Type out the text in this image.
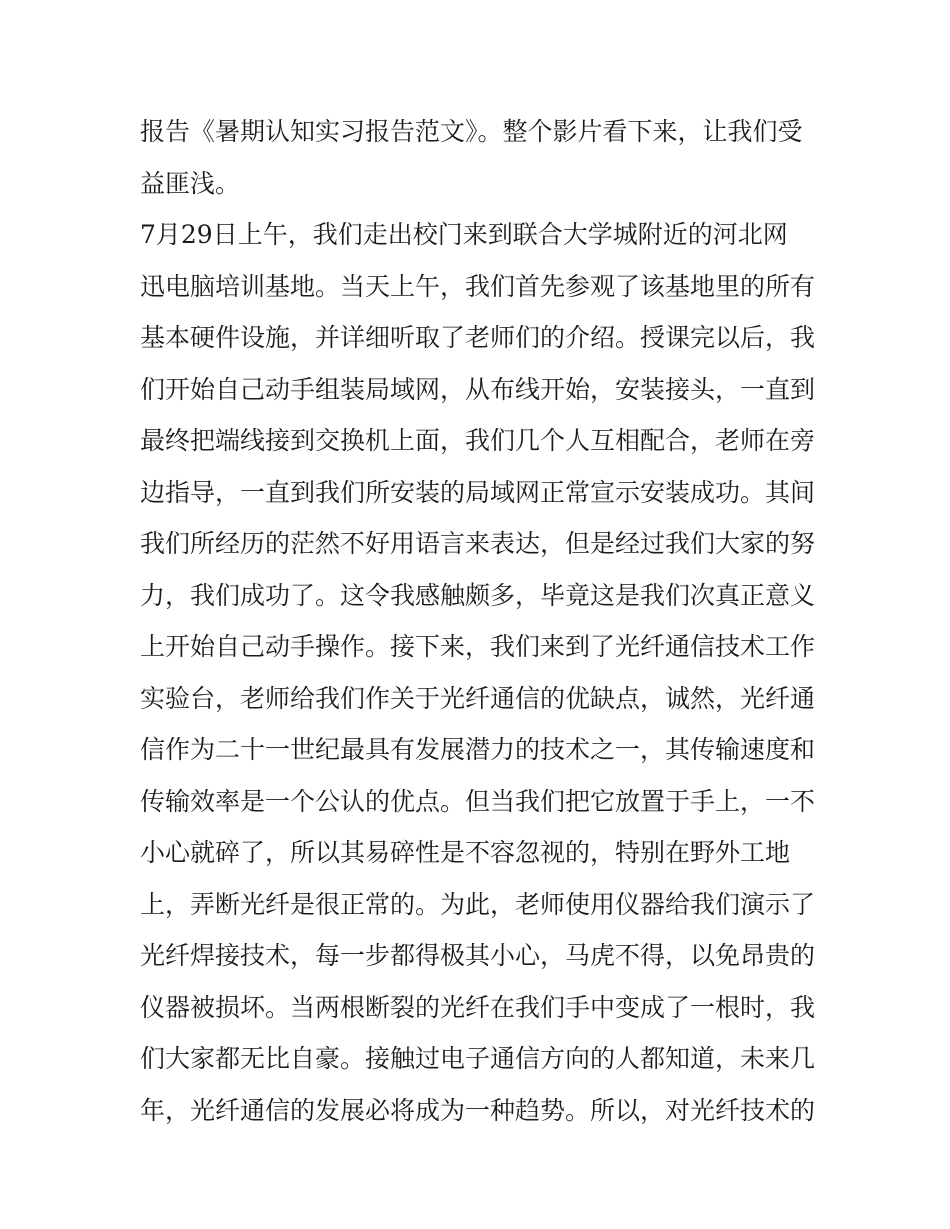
报告《暑期认知实习报告范文》。整个影片看下来，让我们受
益匪浅。
7月29日上午，我们走出校门来到联合大学城附近的河北网
迅电脑培训基地。当天上午，我们首先参观了该基地里的所有
基本硬件设施，并详细听取了老师们的介绍。授课完以后，我
们开始自己动手组装局域网，从布线开始，安装接头，一直到
最终把端线接到交换机上面，我们几个人互相配合，老师在旁
边指导，一直到我们所安装的局域网正常宣示安装成功。其间
我们所经历的茫然不好用语言来表达，但是经过我们大家的努
力，我们成功了。这令我感触颇多，毕竟这是我们次真正意义
上开始自己动手操作。接下来，我们来到了光纤通信技术工作
实验台，老师给我们作关于光纤通信的优缺点，诚然，光纤通
信作为二十一世纪最具有发展潜力的技术之一，其传输速度和
传输效率是一个公认的优点。但当我们把它放置于手上，一不
小心就碎了，所以其易碎性是不容忽视的，特别在野外工地
上，弄断光纤是很正常的。为此，老师使用仪器给我们演示了
光纤焊接技术，每一步都得极其小心，马虎不得，以免昂贵的
仪器被损坏。当两根断裂的光纤在我们手中变成了一根时，我
们大家都无比自豪。接触过电子通信方向的人都知道，未来几
年，光纤通信的发展必将成为一种趋势。所以，对光纤技术的
